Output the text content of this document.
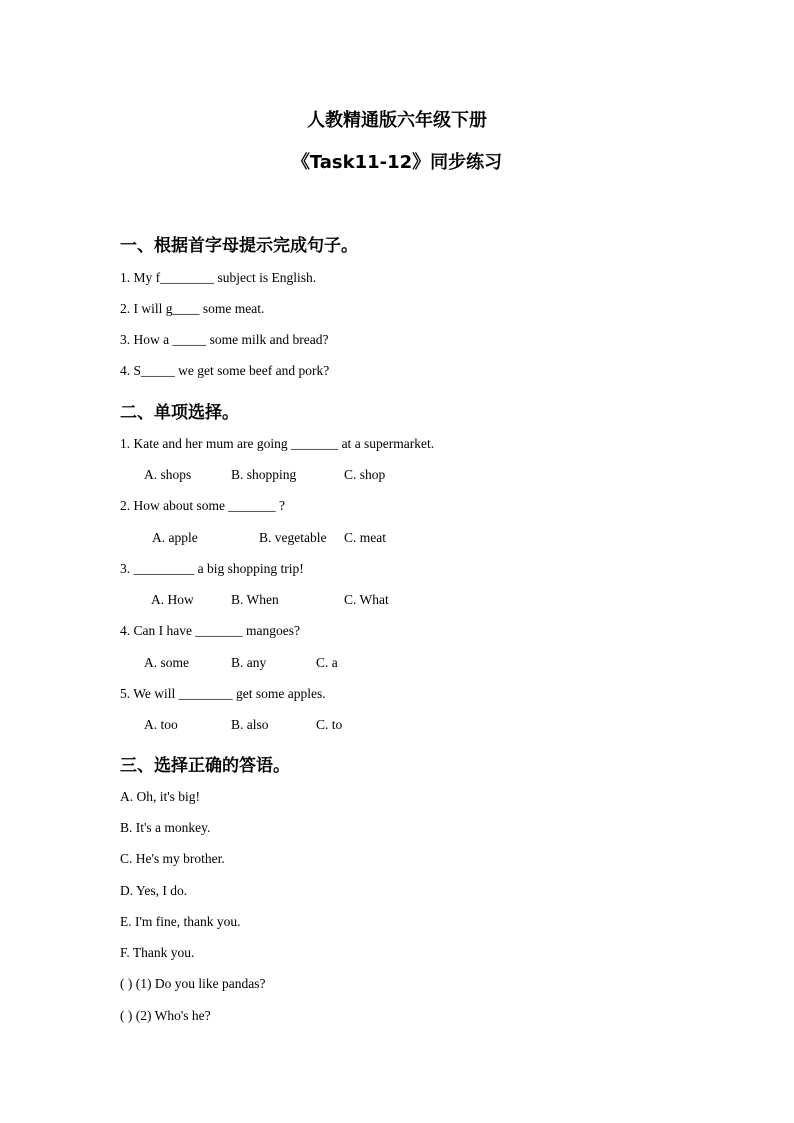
人教精通版六年级下册
《Task11-12》同步练习
一、根据首字母提示完成句子。
1. My f________ subject is English.
2. I will g____ some meat.
3. How a _____ some milk and bread?
4. S_____ we get some beef and pork?
二、单项选择。
1. Kate and her mum are going _______ at a supermarket.
A. shops	B. shopping	C. shop
2. How about some _______ ?
A. apple	B. vegetable C. meat
3. _________ a big shopping trip!
A. How	B. When	C. What
4. Can I have _______ mangoes?
A. some	B. any	C. a
5. We will ________ get some apples.
A. too	B. also	C. to
三、选择正确的答语。
A. Oh, it's big!
B. It's a monkey.
C. He's my brother.
D. Yes, I do.
E. I'm fine, thank you.
F. Thank you.
( ) (1) Do you like pandas?
( ) (2) Who's he?
